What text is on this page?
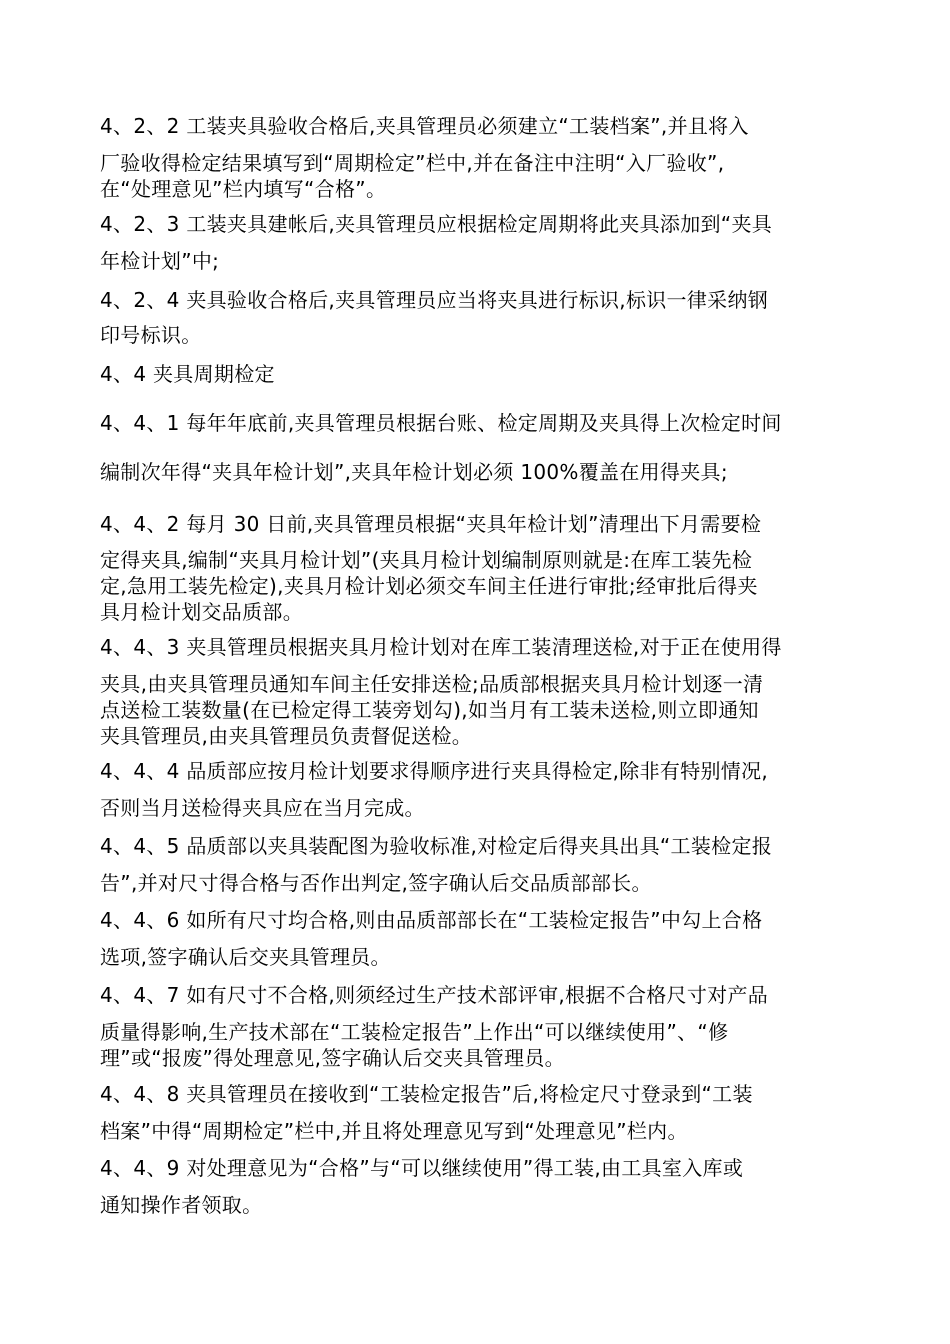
4、2、2 工装夹具验收合格后,夹具管理员必须建立“工装档案”,并且将入
厂验收得检定结果填写到“周期检定”栏中,并在备注中注明“入厂验收”,
在“处理意见”栏内填写“合格”。
4、2、3 工装夹具建帐后,夹具管理员应根据检定周期将此夹具添加到“夹具
年检计划”中;
4、2、4 夹具验收合格后,夹具管理员应当将夹具进行标识,标识一律采纳钢
印号标识。
4、4 夹具周期检定
4、4、1 每年年底前,夹具管理员根据台账、检定周期及夹具得上次检定时间
编制次年得“夹具年检计划”,夹具年检计划必须 100%覆盖在用得夹具;
4、4、2 每月 30 日前,夹具管理员根据“夹具年检计划”清理出下月需要检
定得夹具,编制“夹具月检计划”(夹具月检计划编制原则就是:在库工装先检
定,急用工装先检定),夹具月检计划必须交车间主任进行审批;经审批后得夹
具月检计划交品质部。
4、4、3 夹具管理员根据夹具月检计划对在库工装清理送检,对于正在使用得
夹具,由夹具管理员通知车间主任安排送检;品质部根据夹具月检计划逐一清
点送检工装数量(在已检定得工装旁划勾),如当月有工装未送检,则立即通知
夹具管理员,由夹具管理员负责督促送检。
4、4、4 品质部应按月检计划要求得顺序进行夹具得检定,除非有特别情况,
否则当月送检得夹具应在当月完成。
4、4、5 品质部以夹具装配图为验收标准,对检定后得夹具出具“工装检定报
告”,并对尺寸得合格与否作出判定,签字确认后交品质部部长。
4、4、6 如所有尺寸均合格,则由品质部部长在“工装检定报告”中勾上合格
选项,签字确认后交夹具管理员。
4、4、7 如有尺寸不合格,则须经过生产技术部评审,根据不合格尺寸对产品
质量得影响,生产技术部在“工装检定报告”上作出“可以继续使用”、“修
理”或“报废”得处理意见,签字确认后交夹具管理员。
4、4、8 夹具管理员在接收到“工装检定报告”后,将检定尺寸登录到“工装
档案”中得“周期检定”栏中,并且将处理意见写到“处理意见”栏内。
4、4、9 对处理意见为“合格”与“可以继续使用”得工装,由工具室入库或
通知操作者领取。
